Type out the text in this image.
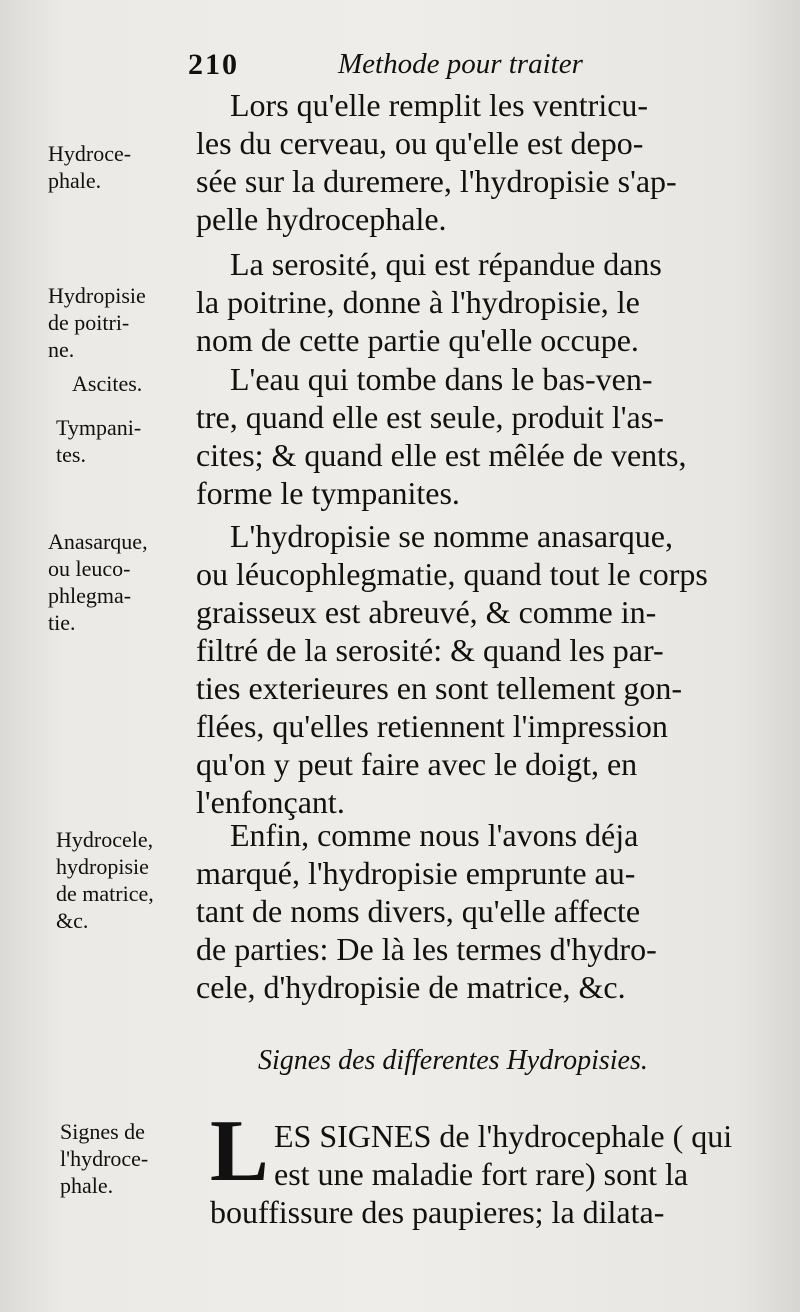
210	Methode pour traiter
Hydroce-
phale.
Hydropisie
de poitri-
ne.
Ascites.
Tympani-
tes.
Anasarque,
ou leuco-
phlegma-
tie.
Hydrocele,
hydropisie
de matrice,
&c.
Signes de
l'hydroce-
phale.
Lors qu'elle remplit les ventricu-
les du cerveau, ou qu'elle est depo-
sée sur la duremere, l'hydropisie s'ap-
pelle hydrocephale.
La serosité, qui est répandue dans
la poitrine, donne à l'hydropisie, le
nom de cette partie qu'elle occupe.
L'eau qui tombe dans le bas-ven-
tre, quand elle est seule, produit l'as-
cites; & quand elle est mêlée de vents,
forme le tympanites.
L'hydropisie se nomme anasarque,
ou léucophlegmatie, quand tout le corps
graisseux est abreuvé, & comme in-
filtré de la serosité: & quand les par-
ties exterieures en sont tellement gon-
flées, qu'elles retiennent l'impression
qu'on y peut faire avec le doigt, en
l'enfonçant.
Enfin, comme nous l'avons déja
marqué, l'hydropisie emprunte au-
tant de noms divers, qu'elle affecte
de parties: De là les termes d'hydro-
cele, d'hydropisie de matrice, &c.
Signes des differentes Hydropisies.
L ES SIGNES de l'hydrocephale ( qui
est une maladie fort rare) sont la
bouffissure des paupieres; la dilata-
